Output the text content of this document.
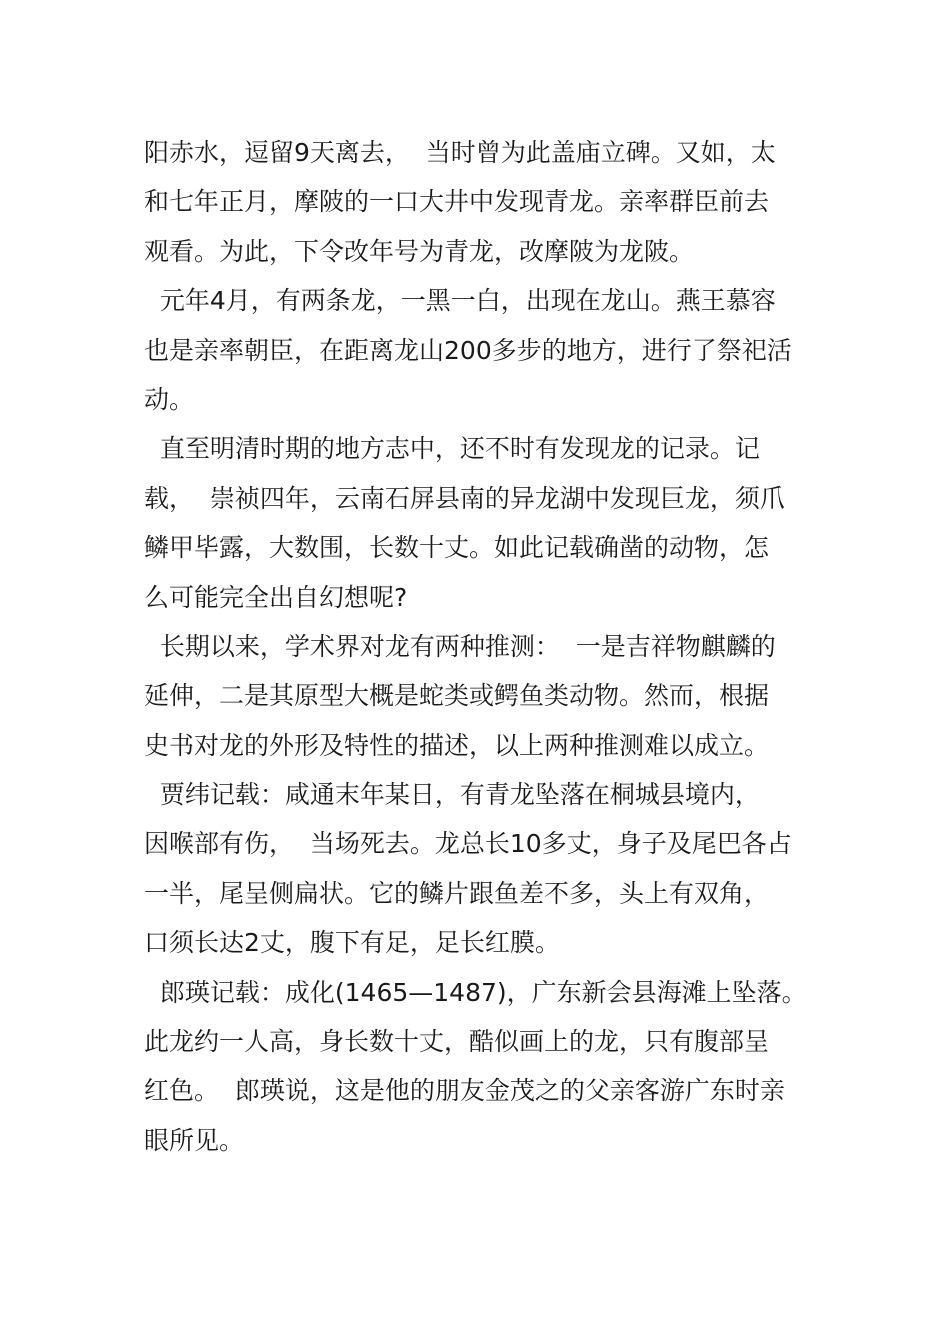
阳赤水，逗留9天离去，  当时曾为此盖庙立碑。又如，太
和七年正月，摩陂的一口大井中发现青龙。亲率群臣前去
观看。为此，下令改年号为青龙，改摩陂为龙陂。
元年4月，有两条龙，一黑一白，出现在龙山。燕王慕容
也是亲率朝臣，在距离龙山200多步的地方，进行了祭祀活
动。
直至明清时期的地方志中，还不时有发现龙的记录。记
载，  崇祯四年，云南石屏县南的异龙湖中发现巨龙，须爪
鳞甲毕露，大数围，长数十丈。如此记载确凿的动物，怎
么可能完全出自幻想呢?
长期以来，学术界对龙有两种推测：  一是吉祥物麒麟的
延伸，二是其原型大概是蛇类或鳄鱼类动物。然而，根据
史书对龙的外形及特性的描述，以上两种推测难以成立。
贾纬记载：咸通末年某日，有青龙坠落在桐城县境内，
因喉部有伤，  当场死去。龙总长10多丈，身子及尾巴各占
一半，尾呈侧扁状。它的鳞片跟鱼差不多，头上有双角，
口须长达2丈，腹下有足，足长红膜。
郎瑛记载：成化(1465—1487)，广东新会县海滩上坠落。
此龙约一人高，身长数十丈，酷似画上的龙，只有腹部呈
红色。  郎瑛说，这是他的朋友金茂之的父亲客游广东时亲
眼所见。
